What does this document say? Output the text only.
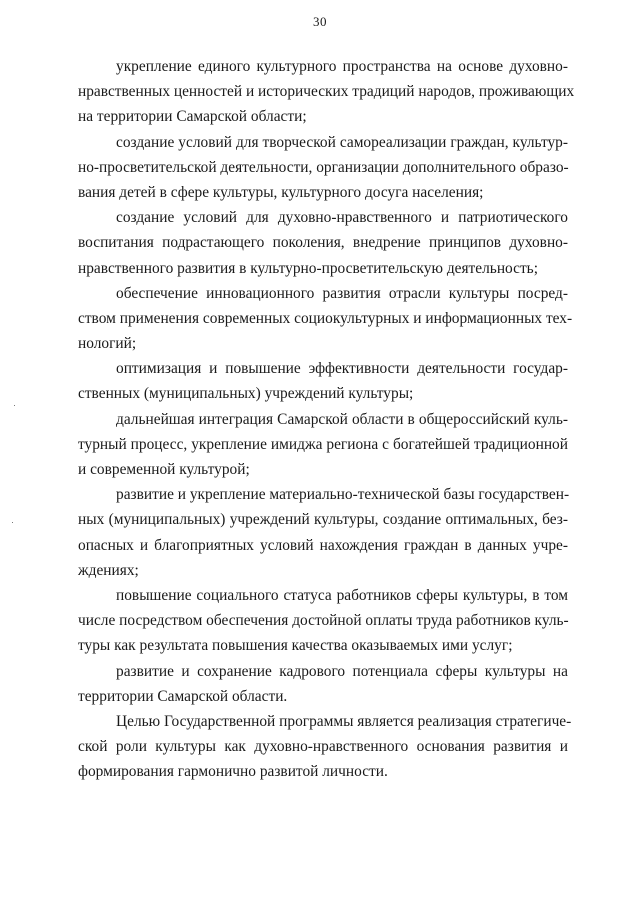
30
укрепление единого культурного пространства на основе духовно-
нравственных ценностей и исторических традиций народов, проживающих
на территории Самарской области;
создание условий для творческой самореализации граждан, культур-
но-просветительской деятельности, организации дополнительного образо-
вания детей в сфере культуры, культурного досуга населения;
создание условий для духовно-нравственного и патриотического
воспитания подрастающего поколения, внедрение принципов духовно-
нравственного развития в культурно-просветительскую деятельность;
обеспечение инновационного развития отрасли культуры посред-
ством применения современных социокультурных и информационных тех-
нологий;
оптимизация и повышение эффективности деятельности государ-
ственных (муниципальных) учреждений культуры;
дальнейшая интеграция Самарской области в общероссийский куль-
турный процесс, укрепление имиджа региона с богатейшей традиционной
и современной культурой;
развитие и укрепление материально-технической базы государствен-
ных (муниципальных) учреждений культуры, создание оптимальных, без-
опасных и благоприятных условий нахождения граждан в данных учре-
ждениях;
повышение социального статуса работников сферы культуры, в том
числе посредством обеспечения достойной оплаты труда работников куль-
туры как результата повышения качества оказываемых ими услуг;
развитие и сохранение кадрового потенциала сферы культуры на
территории Самарской области.
Целью Государственной программы является реализация стратегиче-
ской роли культуры как духовно-нравственного основания развития и
формирования гармонично развитой личности.
